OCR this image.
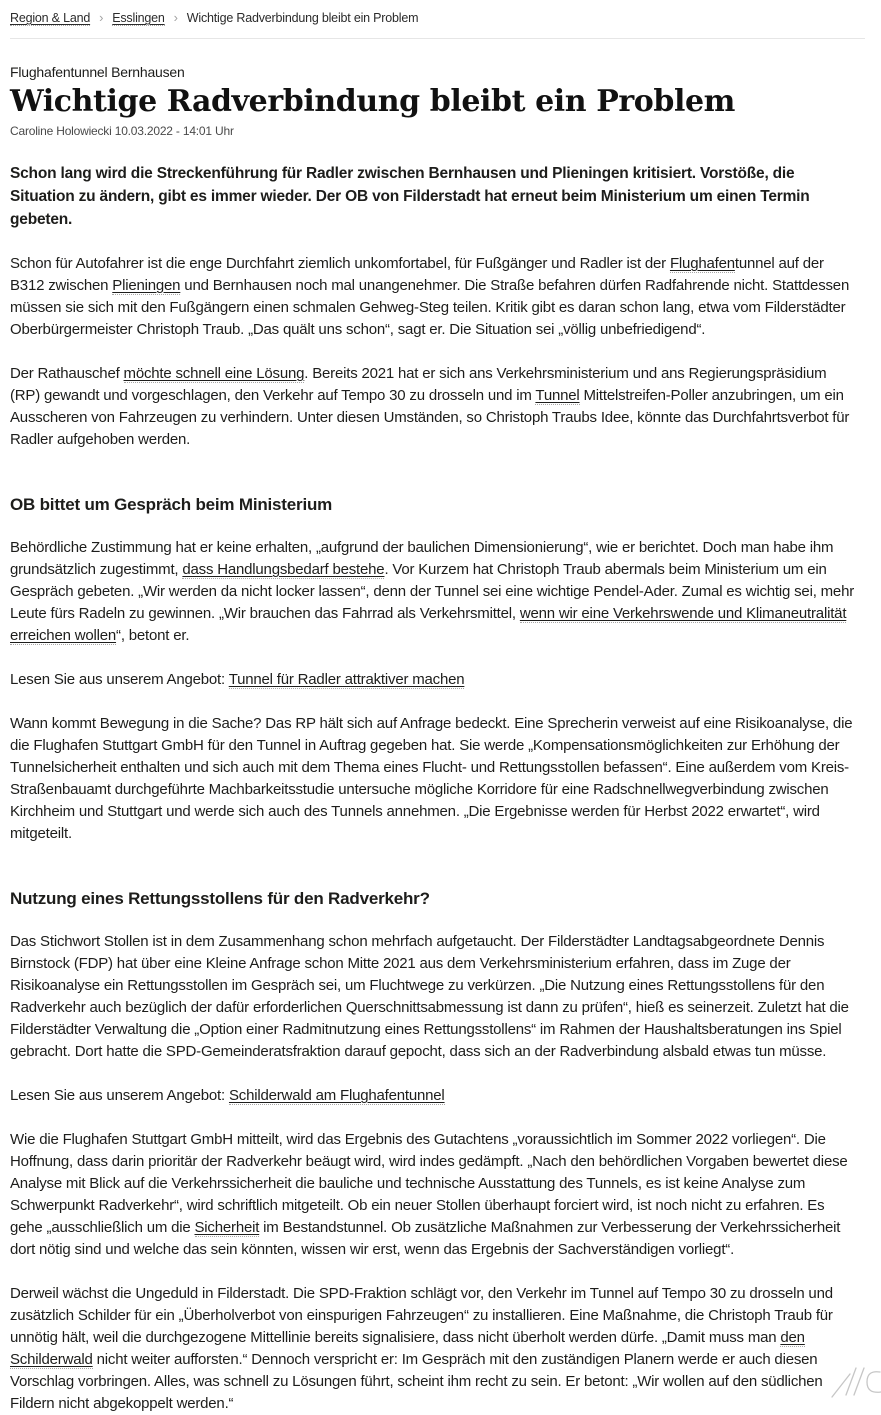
Region & Land › Esslingen › Wichtige Radverbindung bleibt ein Problem
Flughafentunnel Bernhausen
Wichtige Radverbindung bleibt ein Problem
Caroline Holowiecki 10.03.2022 - 14:01 Uhr

Schon lang wird die Streckenführung für Radler zwischen Bernhausen und Plieningen kritisiert. Vorstöße, die Situation zu ändern, gibt es immer wieder. Der OB von Filderstadt hat erneut beim Ministerium um einen Termin gebeten.

Schon für Autofahrer ist die enge Durchfahrt ziemlich unkomfortabel, für Fußgänger und Radler ist der Flughafentunnel auf der B312 zwischen Plieningen und Bernhausen noch mal unangenehmer. Die Straße befahren dürfen Radfahrende nicht. Stattdessen müssen sie sich mit den Fußgängern einen schmalen Gehweg-Steg teilen. Kritik gibt es daran schon lang, etwa vom Filderstädter Oberbürgermeister Christoph Traub. „Das quält uns schon“, sagt er. Die Situation sei „völlig unbefriedigend“.

Der Rathauschef möchte schnell eine Lösung. Bereits 2021 hat er sich ans Verkehrsministerium und ans Regierungspräsidium (RP) gewandt und vorgeschlagen, den Verkehr auf Tempo 30 zu drosseln und im Tunnel Mittelstreifen-Poller anzubringen, um ein Ausscheren von Fahrzeugen zu verhindern. Unter diesen Umständen, so Christoph Traubs Idee, könnte das Durchfahrtsverbot für Radler aufgehoben werden.

OB bittet um Gespräch beim Ministerium

Behördliche Zustimmung hat er keine erhalten, „aufgrund der baulichen Dimensionierung“, wie er berichtet. Doch man habe ihm grundsätzlich zugestimmt, dass Handlungsbedarf bestehe. Vor Kurzem hat Christoph Traub abermals beim Ministerium um ein Gespräch gebeten. „Wir werden da nicht locker lassen“, denn der Tunnel sei eine wichtige Pendel-Ader. Zumal es wichtig sei, mehr Leute fürs Radeln zu gewinnen. „Wir brauchen das Fahrrad als Verkehrsmittel, wenn wir eine Verkehrswende und Klimaneutralität erreichen wollen“, betont er.

Lesen Sie aus unserem Angebot: Tunnel für Radler attraktiver machen

Wann kommt Bewegung in die Sache? Das RP hält sich auf Anfrage bedeckt. Eine Sprecherin verweist auf eine Risikoanalyse, die die Flughafen Stuttgart GmbH für den Tunnel in Auftrag gegeben hat. Sie werde „Kompensationsmöglichkeiten zur Erhöhung der Tunnelsicherheit enthalten und sich auch mit dem Thema eines Flucht- und Rettungsstollen befassen“. Eine außerdem vom Kreis-Straßenbauamt durchgeführte Machbarkeitsstudie untersuche mögliche Korridore für eine Radschnellwegverbindung zwischen Kirchheim und Stuttgart und werde sich auch des Tunnels annehmen. „Die Ergebnisse werden für Herbst 2022 erwartet“, wird mitgeteilt.

Nutzung eines Rettungsstollens für den Radverkehr?

Das Stichwort Stollen ist in dem Zusammenhang schon mehrfach aufgetaucht. Der Filderstädter Landtagsabgeordnete Dennis Birnstock (FDP) hat über eine Kleine Anfrage schon Mitte 2021 aus dem Verkehrsministerium erfahren, dass im Zuge der Risikoanalyse ein Rettungsstollen im Gespräch sei, um Fluchtwege zu verkürzen. „Die Nutzung eines Rettungsstollens für den Radverkehr auch bezüglich der dafür erforderlichen Querschnittsabmessung ist dann zu prüfen“, hieß es seinerzeit. Zuletzt hat die Filderstädter Verwaltung die „Option einer Radmitnutzung eines Rettungsstollens“ im Rahmen der Haushaltsberatungen ins Spiel gebracht. Dort hatte die SPD-Gemeinderatsfraktion darauf gepocht, dass sich an der Radverbindung alsbald etwas tun müsse.

Lesen Sie aus unserem Angebot: Schilderwald am Flughafentunnel

Wie die Flughafen Stuttgart GmbH mitteilt, wird das Ergebnis des Gutachtens „voraussichtlich im Sommer 2022 vorliegen“. Die Hoffnung, dass darin prioritär der Radverkehr beäugt wird, wird indes gedämpft. „Nach den behördlichen Vorgaben bewertet diese Analyse mit Blick auf die Verkehrssicherheit die bauliche und technische Ausstattung des Tunnels, es ist keine Analyse zum Schwerpunkt Radverkehr“, wird schriftlich mitgeteilt. Ob ein neuer Stollen überhaupt forciert wird, ist noch nicht zu erfahren. Es gehe „ausschließlich um die Sicherheit im Bestandstunnel. Ob zusätzliche Maßnahmen zur Verbesserung der Verkehrssicherheit dort nötig sind und welche das sein könnten, wissen wir erst, wenn das Ergebnis der Sachverständigen vorliegt“.

Derweil wächst die Ungeduld in Filderstadt. Die SPD-Fraktion schlägt vor, den Verkehr im Tunnel auf Tempo 30 zu drosseln und zusätzlich Schilder für ein „Überholverbot von einspurigen Fahrzeugen“ zu installieren. Eine Maßnahme, die Christoph Traub für unnötig hält, weil die durchgezogene Mittellinie bereits signalisiere, dass nicht überholt werden dürfe. „Damit muss man den Schilderwald nicht weiter aufforsten.“ Dennoch verspricht er: Im Gespräch mit den zuständigen Planern werde er auch diesen Vorschlag vorbringen. Alles, was schnell zu Lösungen führt, scheint ihm recht zu sein. Er betont: „Wir wollen auf den südlichen Fildern nicht abgekoppelt werden.“
